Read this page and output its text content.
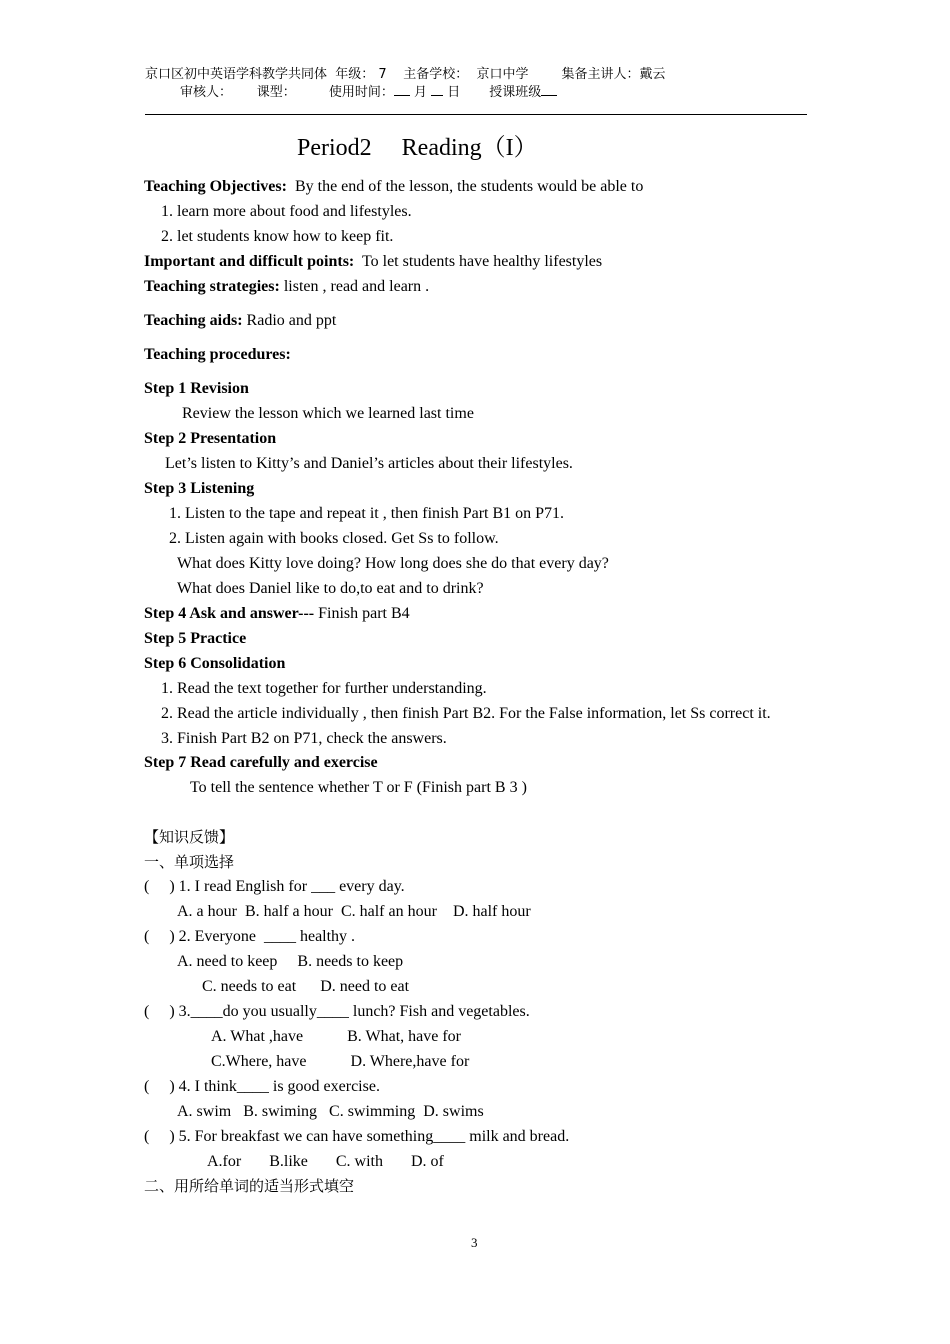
京口区初中英语学科教学共同体  年级： 7    主备学校：  京口中学        集备主讲人：戴云
审核人：      课型：        使用时间： 月 日 授课班级
Period2     Reading（I）
Teaching Objectives:  By the end of the lesson, the students would be able to
1. learn more about food and lifestyles.
2. let students know how to keep fit.
Important and difficult points:  To let students have healthy lifestyles
Teaching strategies: listen , read and learn .
Teaching aids: Radio and ppt
Teaching procedures:
Step 1 Revision
Review the lesson which we learned last time
Step 2 Presentation
Let’s listen to Kitty’s and Daniel’s articles about their lifestyles.
Step 3 Listening
1. Listen to the tape and repeat it , then finish Part B1 on P71.
2. Listen again with books closed. Get Ss to follow.
What does Kitty love doing? How long does she do that every day?
What does Daniel like to do,to eat and to drink?
Step 4 Ask and answer--- Finish part B4
Step 5 Practice
Step 6 Consolidation
1. Read the text together for further understanding.
2. Read the article individually , then finish Part B2. For the False information, let Ss correct it.
3. Finish Part B2 on P71, check the answers.
Step 7 Read carefully and exercise
To tell the sentence whether T or F (Finish part B 3 )
【知识反馈】
一、单项选择
(     ) 1. I read English for ___ every day.
A. a hour  B. half a hour  C. half an hour    D. half hour
(     ) 2. Everyone  ____ healthy .
A. need to keep     B. needs to keep
C. needs to eat      D. need to eat
(     ) 3.____do you usually____ lunch? Fish and vegetables.
A. What ,have           B. What, have for
C.Where, have           D. Where,have for
(     ) 4. I think____ is good exercise.
A. swim   B. swiming   C. swimming  D. swims
(     ) 5. For breakfast we can have something____ milk and bread.
A.for       B.like       C. with       D. of
二、用所给单词的适当形式填空
3
